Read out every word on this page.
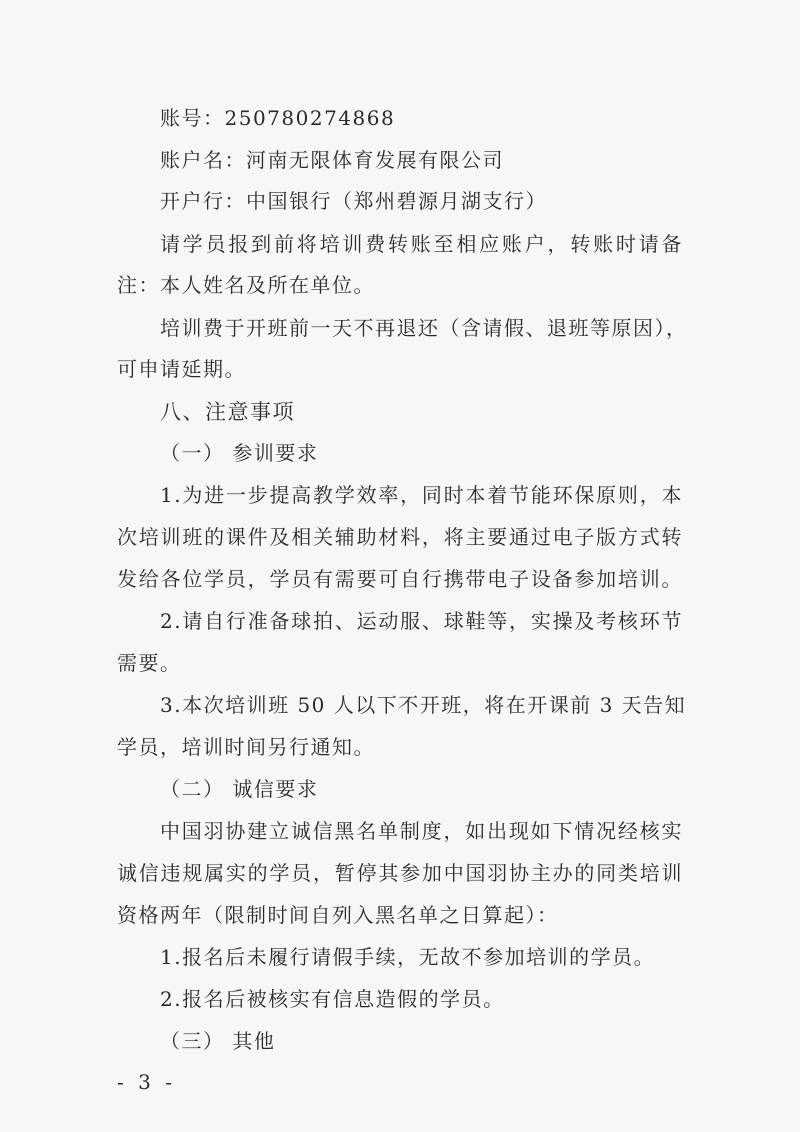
账号：250780274868
账户名：河南无限体育发展有限公司
开户行：中国银行（郑州碧源月湖支行）
请学员报到前将培训费转账至相应账户，转账时请备
注：本人姓名及所在单位。
培训费于开班前一天不再退还（含请假、退班等原因），
可申请延期。
八、注意事项
（一） 参训要求
1.为进一步提高教学效率，同时本着节能环保原则，本
次培训班的课件及相关辅助材料，将主要通过电子版方式转
发给各位学员，学员有需要可自行携带电子设备参加培训。
2.请自行准备球拍、运动服、球鞋等，实操及考核环节
需要。
3.本次培训班 50 人以下不开班，将在开课前 3 天告知
学员，培训时间另行通知。
（二） 诚信要求
中国羽协建立诚信黑名单制度，如出现如下情况经核实
诚信违规属实的学员，暂停其参加中国羽协主办的同类培训
资格两年（限制时间自列入黑名单之日算起）：
1.报名后未履行请假手续，无故不参加培训的学员。
2.报名后被核实有信息造假的学员。
（三） 其他
- 3 -
